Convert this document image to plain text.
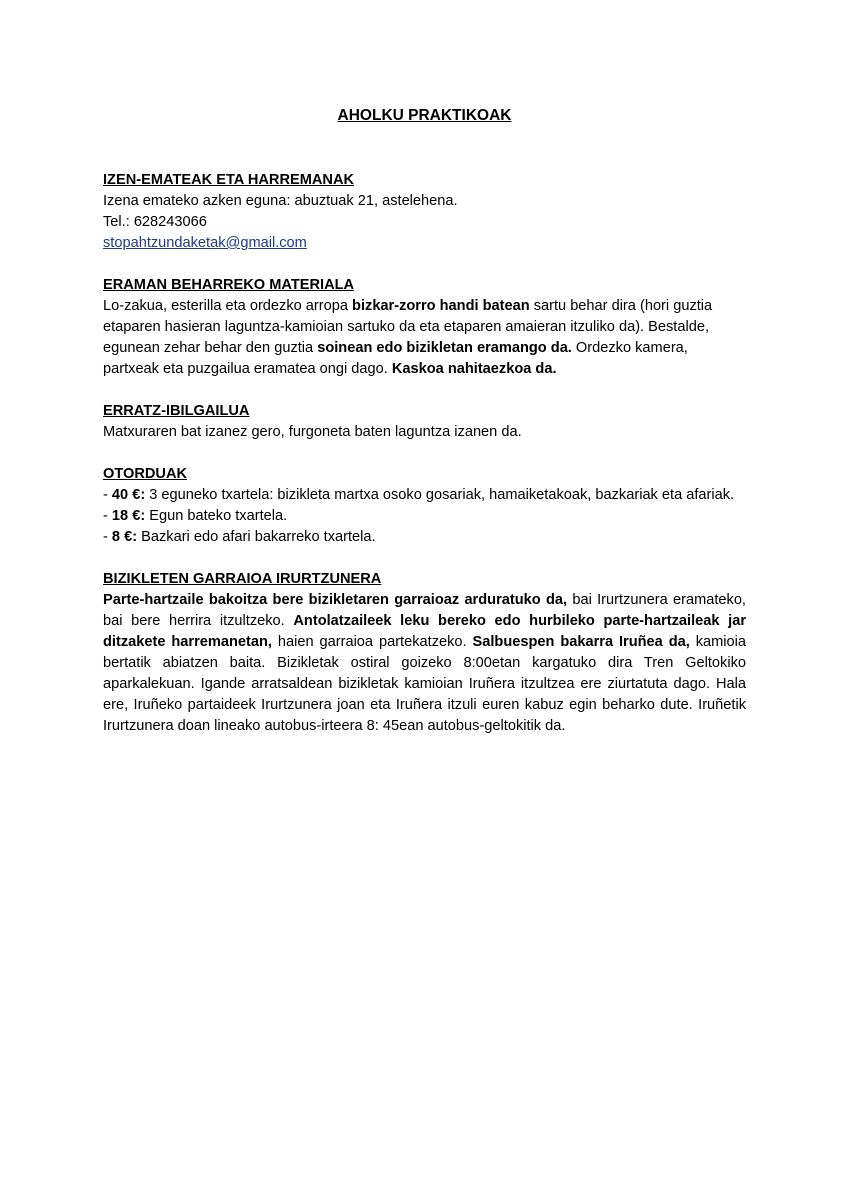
AHOLKU PRAKTIKOAK

IZEN-EMATEAK ETA HARREMANAK

Izena emateko azken eguna: abuztuak 21, astelehena.

Tel.: 628243066

stopahtzundaketak@gmail.com

ERAMAN BEHARREKO MATERIALA

Lo-zakua, esterilla eta ordezko arropa bizkar-zorro handi batean sartu behar dira (hori guztia etaparen hasieran laguntza-kamioian sartuko da eta etaparen amaieran itzuliko da). Bestalde, egunean zehar behar den guztia soinean edo bizikletan eramango da. Ordezko kamera, partxeak eta puzgailua eramatea ongi dago. Kaskoa nahitaezkoa da.

ERRATZ-IBILGAILUA

Matxuraren bat izanez gero, furgoneta baten laguntza izanen da.

OTORDUAK

- 40 €: 3 eguneko txartela: bizikleta martxa osoko gosariak, hamaiketakoak, bazkariak eta afariak.

- 18 €: Egun bateko txartela.

- 8 €: Bazkari edo afari bakarreko txartela.

BIZIKLETEN GARRAIOA IRURTZUNERA

Parte-hartzaile bakoitza bere bizikletaren garraioaz arduratuko da, bai Irurtzunera eramateko, bai bere herrira itzultzeko. Antolatzaileek leku bereko edo hurbileko parte-hartzaileak jar ditzakete harremanetan, haien garraioa partekatzeko. Salbuespen bakarra Iruñea da, kamioia bertatik abiatzen baita. Bizikletak ostiral goizeko 8:00etan kargatuko dira Tren Geltokiko aparkalekuan. Igande arratsaldean bizikletak kamioian Iruñera itzultzea ere ziurtatuta dago. Hala ere, Iruñeko partaideek Irurtzunera joan eta Iruñera itzuli euren kabuz egin beharko dute. Iruñetik Irurtzunera doan lineako autobus-irteera 8: 45ean autobus-geltokitik da.
